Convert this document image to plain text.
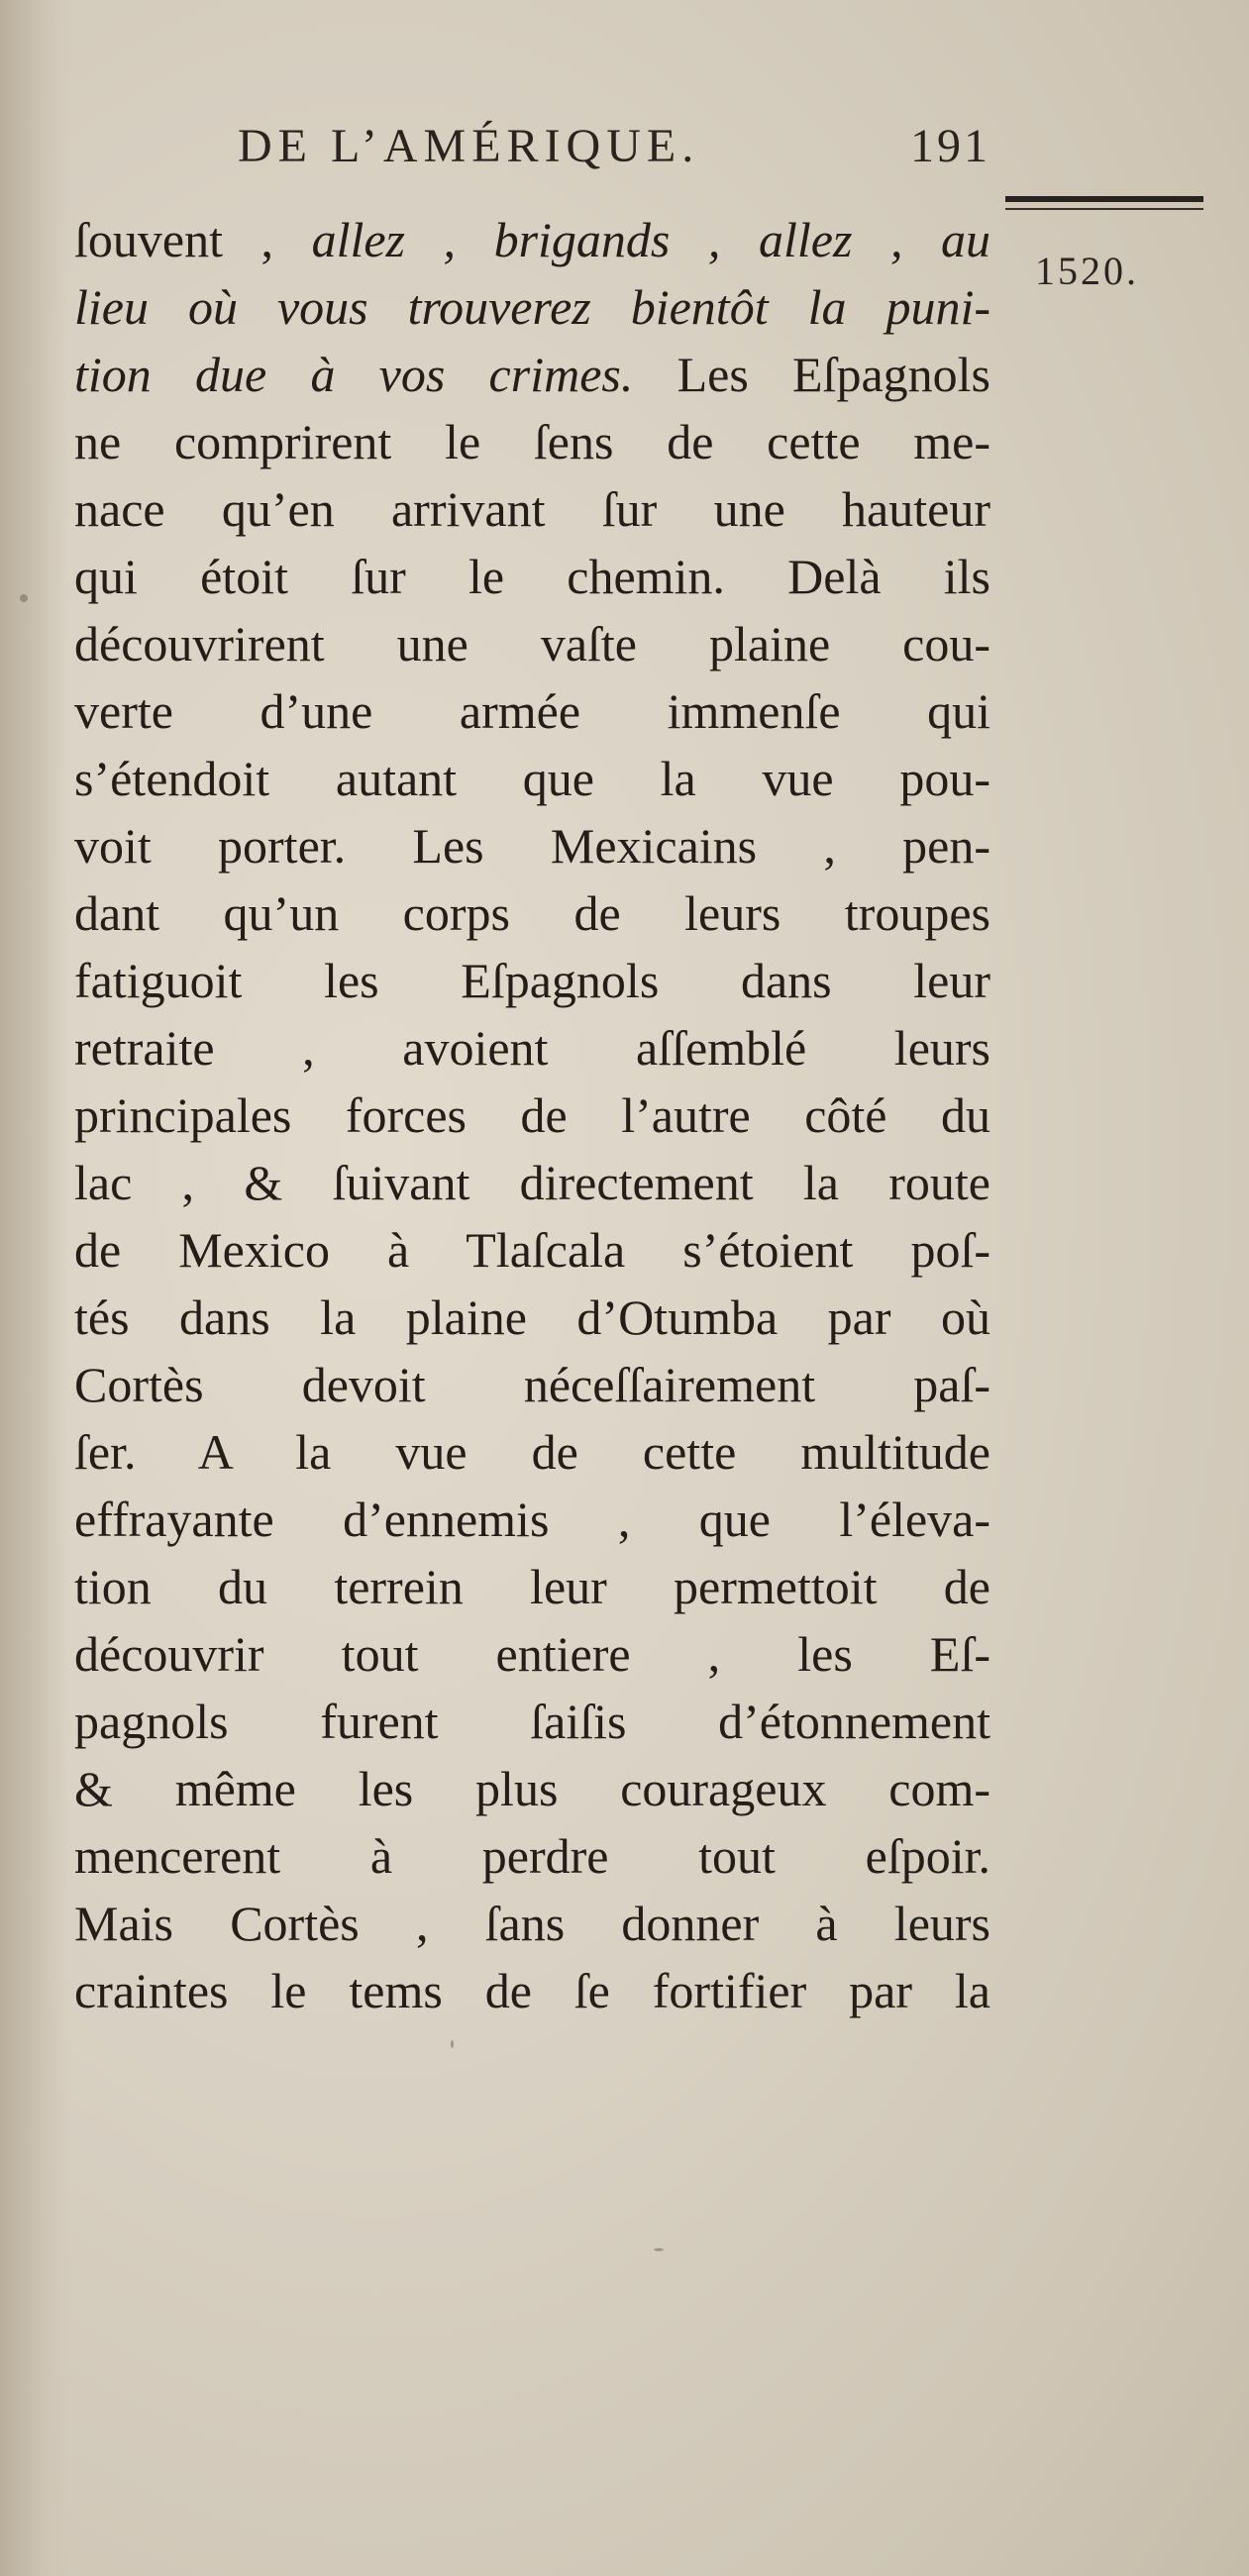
DE L’AMÉRIQUE.	191
1520.
ſouvent , allez , brigands , allez , au
lieu où vous trouverez bientôt la puni-
tion due à vos crimes. Les Eſpagnols
ne comprirent le ſens de cette me-
nace qu’en arrivant ſur une hauteur
qui étoit ſur le chemin. Delà ils
découvrirent une vaſte plaine cou-
verte d’une armée immenſe qui
s’étendoit autant que la vue pou-
voit porter. Les Mexicains , pen-
dant qu’un corps de leurs troupes
fatiguoit les Eſpagnols dans leur
retraite , avoient aſſemblé leurs
principales forces de l’autre côté du
lac , & ſuivant directement la route
de Mexico à Tlaſcala s’étoient poſ-
tés dans la plaine d’Otumba par où
Cortès devoit néceſſairement paſ-
ſer. A la vue de cette multitude
effrayante d’ennemis , que l’éleva-
tion du terrein leur permettoit de
découvrir tout entiere , les Eſ-
pagnols furent ſaiſis d’étonnement
& même les plus courageux com-
mencerent à perdre tout eſpoir.
Mais Cortès , ſans donner à leurs
craintes le tems de ſe fortifier par la
